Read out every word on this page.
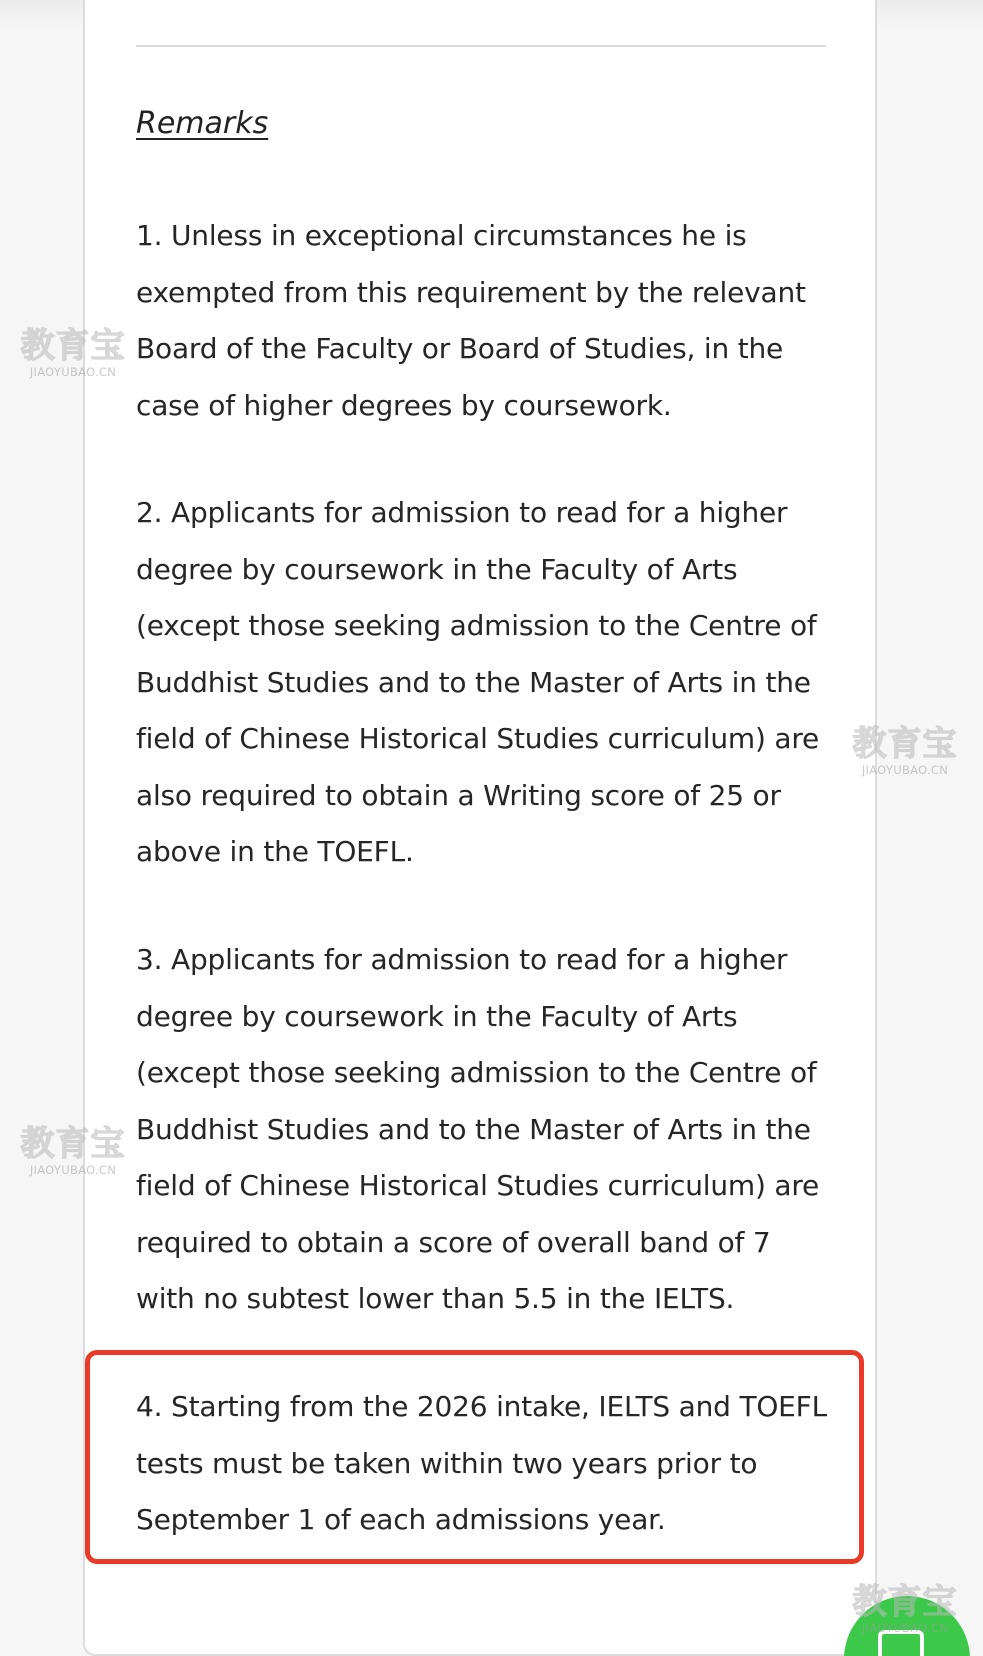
Remarks

1. Unless in exceptional circumstances he is exempted from this requirement by the relevant Board of the Faculty or Board of Studies, in the case of higher degrees by coursework.

2. Applicants for admission to read for a higher degree by coursework in the Faculty of Arts (except those seeking admission to the Centre of Buddhist Studies and to the Master of Arts in the field of Chinese Historical Studies curriculum) are also required to obtain a Writing score of 25 or above in the TOEFL.

3. Applicants for admission to read for a higher degree by coursework in the Faculty of Arts (except those seeking admission to the Centre of Buddhist Studies and to the Master of Arts in the field of Chinese Historical Studies curriculum) are required to obtain a score of overall band of 7 with no subtest lower than 5.5 in the IELTS.

4. Starting from the 2026 intake, IELTS and TOEFL tests must be taken within two years prior to September 1 of each admissions year.

教育宝
JIAOYUBAO.CN
教育宝
JIAOYUBAO.CN
教育宝
JIAOYUBAO.CN
教育宝
JIAOYUBAO.CN
